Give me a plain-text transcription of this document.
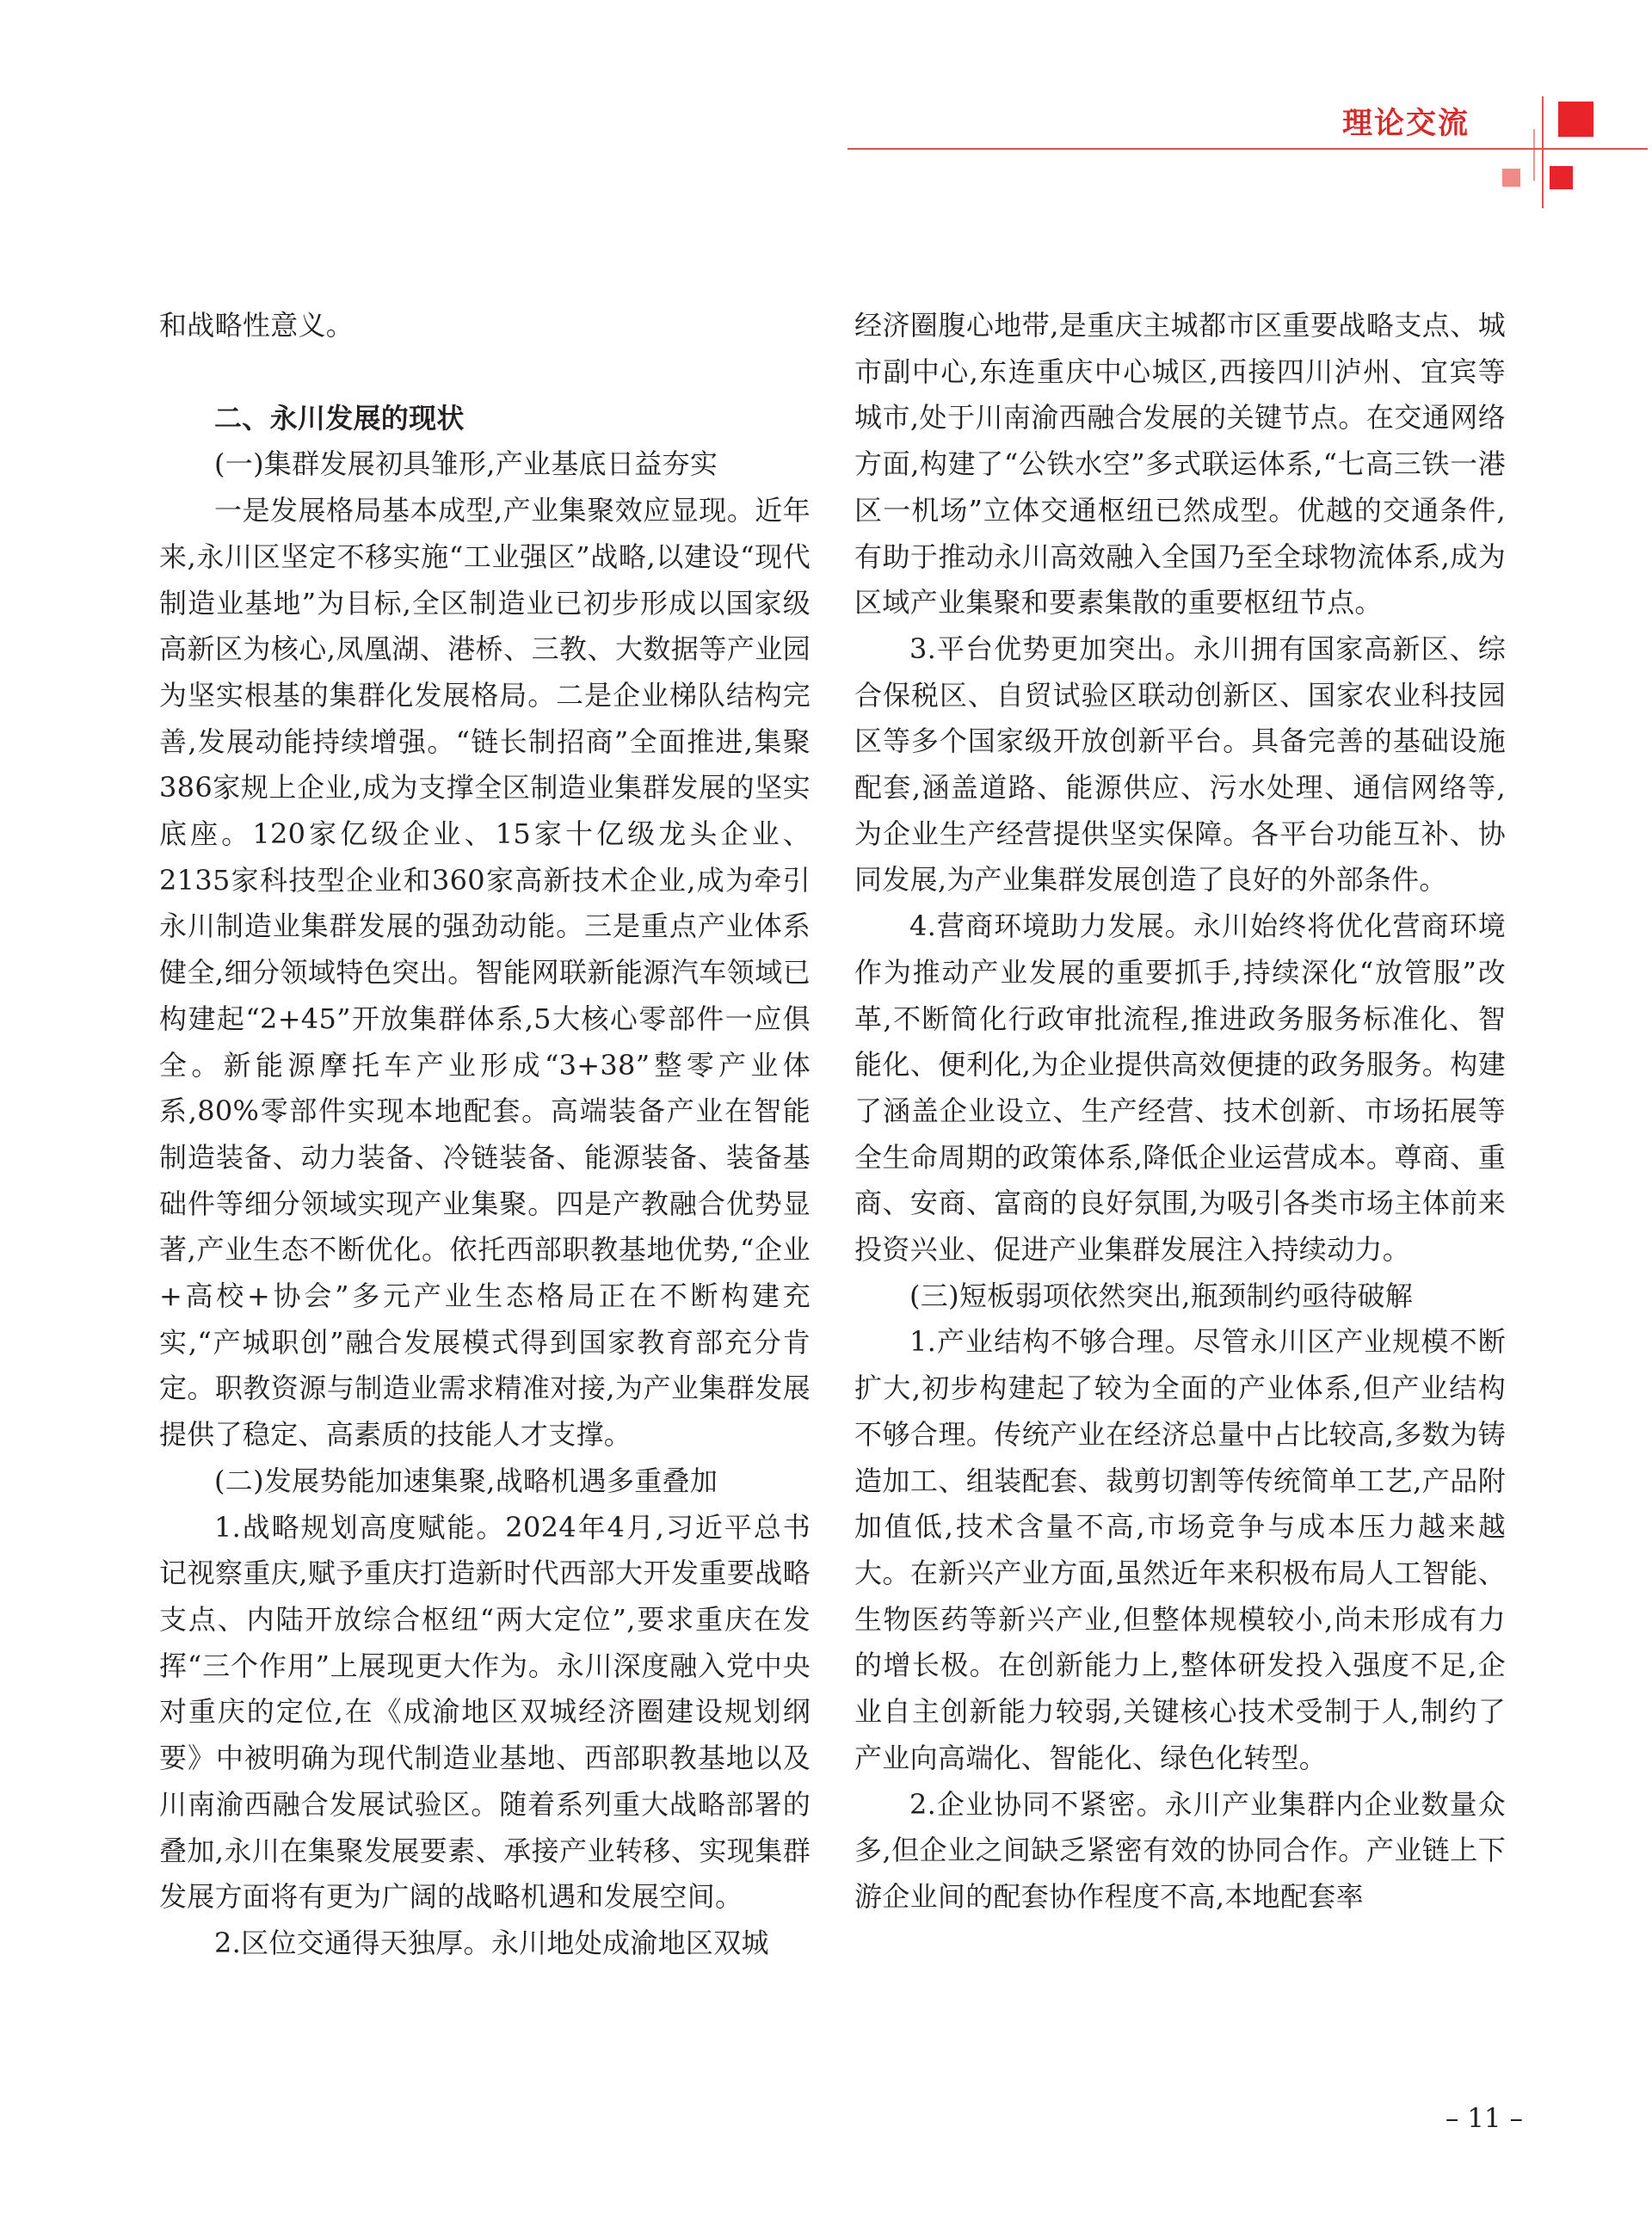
理论交流

和战略性意义。

二、永川发展的现状

(一)集群发展初具雏形,产业基底日益夯实

一是发展格局基本成型,产业集聚效应显现。近年来,永川区坚定不移实施“工业强区”战略,以建设“现代制造业基地”为目标,全区制造业已初步形成以国家级高新区为核心,凤凰湖、港桥、三教、大数据等产业园为坚实根基的集群化发展格局。二是企业梯队结构完善,发展动能持续增强。“链长制招商”全面推进,集聚386家规上企业,成为支撑全区制造业集群发展的坚实底座。120家亿级企业、15家十亿级龙头企业、2135家科技型企业和360家高新技术企业,成为牵引永川制造业集群发展的强劲动能。三是重点产业体系健全,细分领域特色突出。智能网联新能源汽车领域已构建起“2+45”开放集群体系,5大核心零部件一应俱全。新能源摩托车产业形成“3+38”整零产业体系,80%零部件实现本地配套。高端装备产业在智能制造装备、动力装备、冷链装备、能源装备、装备基础件等细分领域实现产业集聚。四是产教融合优势显著,产业生态不断优化。依托西部职教基地优势,“企业+高校+协会”多元产业生态格局正在不断构建充实,“产城职创”融合发展模式得到国家教育部充分肯定。职教资源与制造业需求精准对接,为产业集群发展提供了稳定、高素质的技能人才支撑。

(二)发展势能加速集聚,战略机遇多重叠加

1.战略规划高度赋能。2024年4月,习近平总书记视察重庆,赋予重庆打造新时代西部大开发重要战略支点、内陆开放综合枢纽“两大定位”,要求重庆在发挥“三个作用”上展现更大作为。永川深度融入党中央对重庆的定位,在《成渝地区双城经济圈建设规划纲要》中被明确为现代制造业基地、西部职教基地以及川南渝西融合发展试验区。随着系列重大战略部署的叠加,永川在集聚发展要素、承接产业转移、实现集群发展方面将有更为广阔的战略机遇和发展空间。

2.区位交通得天独厚。永川地处成渝地区双城

经济圈腹心地带,是重庆主城都市区重要战略支点、城市副中心,东连重庆中心城区,西接四川泸州、宜宾等城市,处于川南渝西融合发展的关键节点。在交通网络方面,构建了“公铁水空”多式联运体系,“七高三铁一港区一机场”立体交通枢纽已然成型。优越的交通条件,有助于推动永川高效融入全国乃至全球物流体系,成为区域产业集聚和要素集散的重要枢纽节点。

3.平台优势更加突出。永川拥有国家高新区、综合保税区、自贸试验区联动创新区、国家农业科技园区等多个国家级开放创新平台。具备完善的基础设施配套,涵盖道路、能源供应、污水处理、通信网络等,为企业生产经营提供坚实保障。各平台功能互补、协同发展,为产业集群发展创造了良好的外部条件。

4.营商环境助力发展。永川始终将优化营商环境作为推动产业发展的重要抓手,持续深化“放管服”改革,不断简化行政审批流程,推进政务服务标准化、智能化、便利化,为企业提供高效便捷的政务服务。构建了涵盖企业设立、生产经营、技术创新、市场拓展等全生命周期的政策体系,降低企业运营成本。尊商、重商、安商、富商的良好氛围,为吸引各类市场主体前来投资兴业、促进产业集群发展注入持续动力。

(三)短板弱项依然突出,瓶颈制约亟待破解

1.产业结构不够合理。尽管永川区产业规模不断扩大,初步构建起了较为全面的产业体系,但产业结构不够合理。传统产业在经济总量中占比较高,多数为铸造加工、组装配套、裁剪切割等传统简单工艺,产品附加值低,技术含量不高,市场竞争与成本压力越来越大。在新兴产业方面,虽然近年来积极布局人工智能、生物医药等新兴产业,但整体规模较小,尚未形成有力的增长极。在创新能力上,整体研发投入强度不足,企业自主创新能力较弱,关键核心技术受制于人,制约了产业向高端化、智能化、绿色化转型。

2.企业协同不紧密。永川产业集群内企业数量众多,但企业之间缺乏紧密有效的协同合作。产业链上下游企业间的配套协作程度不高,本地配套率

– 11 –
